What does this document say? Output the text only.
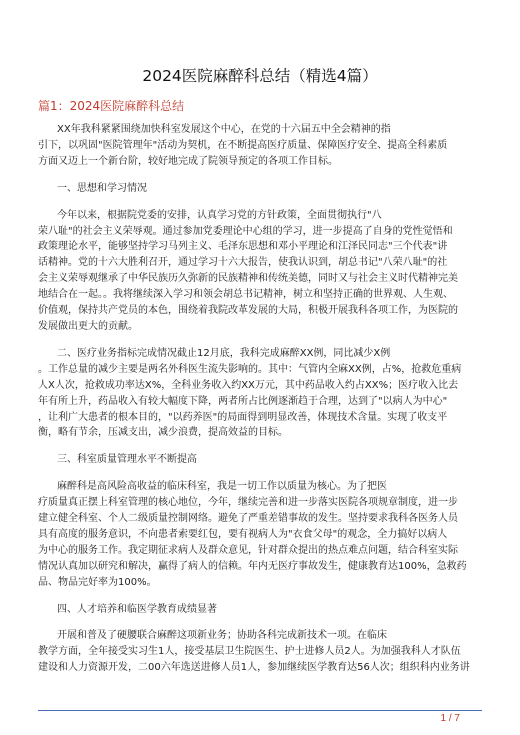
2024医院麻醉科总结（精选4篇）
篇1：2024医院麻醉科总结

XX年我科紧紧围绕加快科室发展这个中心，在党的十六届五中全会精神的指

引下，以巩固"医院管理年"活动为契机，在不断提高医疗质量、保障医疗安全、提高全科素质

方面又迈上一个新台阶，较好地完成了院领导预定的各项工作目标。

一、思想和学习情况

今年以来，根据院党委的安排，认真学习党的方针政策，全面贯彻执行"八

荣八耻"的社会主义荣辱观。通过参加党委理论中心组的学习，进一步提高了自身的党性觉悟和

政策理论水平，能够坚持学习马列主义、毛泽东思想和邓小平理论和江泽民同志"三个代表"讲

话精神。党的十六大胜利召开，通过学习十六大报告，使我认识到，胡总书记"八荣八耻"的社

会主义荣辱观继承了中华民族历久弥新的民族精神和传统美德，同时又与社会主义时代精神完美

地结合在一起。。我将继续深入学习和领会胡总书记精神，树立和坚持正确的世界观、人生观、

价值观，保持共产党员的本色，围绕着我院改革发展的大局，积极开展我科各项工作，为医院的

发展做出更大的贡献。

二、医疗业务指标完成情况截止12月底，我科完成麻醉XX例，同比减少X例

。工作总量的减少主要是两名外科医生流失影响的。其中：气管内全麻XX例，占%，抢救危重病

人X人次，抢救成功率达X%，全科业务收入约XX万元，其中药品收入约占XX%；医疗收入比去

年有所上升，药品收入有较大幅度下降，两者所占比例逐渐趋于合理，达到了"以病人为中心"

，让利广大患者的根本目的，"以药养医"的局面得到明显改善，体现技术含量。实现了收支平

衡，略有节余，压减支出，减少浪费，提高效益的目标。

三、科室质量管理水平不断提高

麻醉科是高风险高收益的临床科室，我是一切工作以质量为核心。为了把医

疗质量真正摆上科室管理的核心地位，今年，继续完善和进一步落实医院各项规章制度，进一步

建立健全科室、个人二级质量控制网络。避免了严重差错事故的发生。坚持要求我科各医务人员

具有高度的服务意识，不向患者索要红包，要有视病人为"衣食父母"的观念，全力搞好以病人

为中心的服务工作。我定期征求病人及群众意见，针对群众提出的热点难点问题，结合科室实际

情况认真加以研究和解决，赢得了病人的信赖。年内无医疗事故发生，健康教育达100%，急救药

品、物品完好率为100%。

四、人才培养和临医学教育成绩显著

开展和普及了硬腰联合麻醉这项新业务；协助各科完成新技术一项。在临床

教学方面，全年接受实习生1人，接受基层卫生院医生、护士进修人员2人。为加强我科人才队伍

建设和人力资源开发，二00六年选送进修人员1人，参加继续医学教育达56人次；组织科内业务讲

1 / 7
